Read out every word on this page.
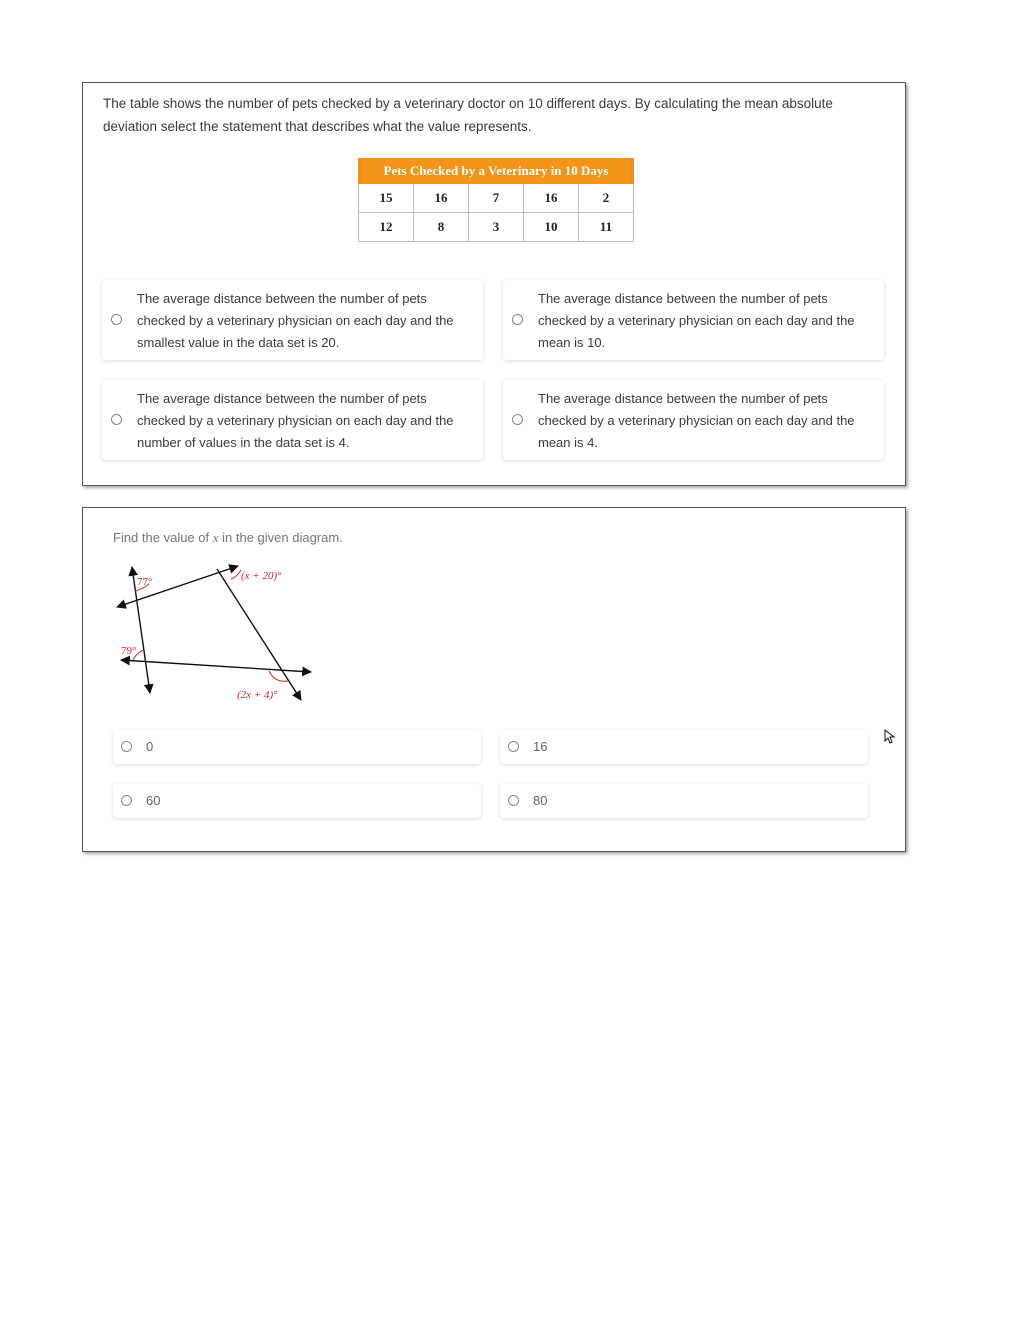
The table shows the number of pets checked by a veterinary doctor on 10 different days. By calculating the mean absolute deviation select the statement that describes what the value represents.
Pets Checked by a Veterinary in 10 Days				
15	16	7	16	2
12	8	3	10	11
The average distance between the number of pets checked by a veterinary physician on each day and the smallest value in the data set is 20.
The average distance between the number of pets checked by a veterinary physician on each day and the mean is 10.
The average distance between the number of pets checked by a veterinary physician on each day and the number of values in the data set is 4.
The average distance between the number of pets checked by a veterinary physician on each day and the mean is 4.
Find the value of x in the given diagram.
77°	(x + 20)°
79°
(2x + 4)°
0	16
60	80
